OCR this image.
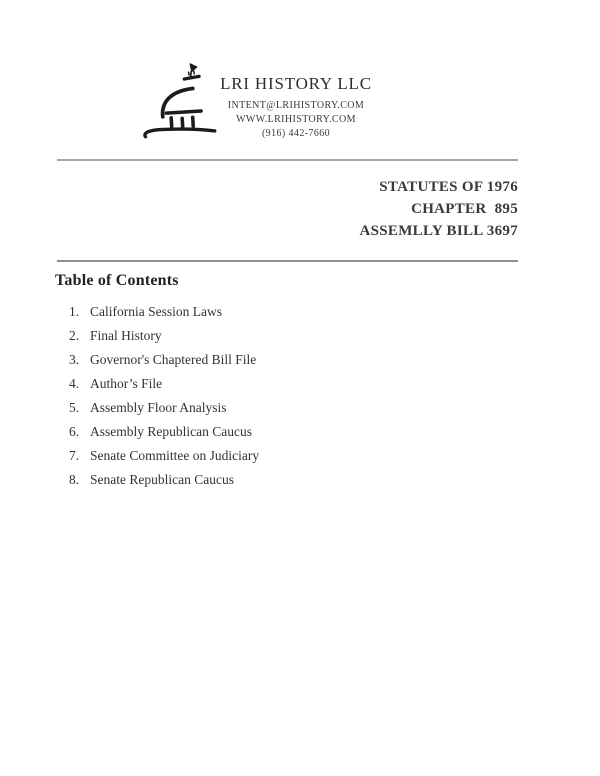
LRI HISTORY LLC
INTENT@LRIHISTORY.COM
WWW.LRIHISTORY.COM
(916) 442-7660
STATUTES OF 1976
CHAPTER  895
ASSEMLLY BILL 3697
Table of Contents
1. California Session Laws
2. Final History
3. Governor's Chaptered Bill File
4. Author’s File
5. Assembly Floor Analysis
6. Assembly Republican Caucus
7. Senate Committee on Judiciary
8. Senate Republican Caucus
